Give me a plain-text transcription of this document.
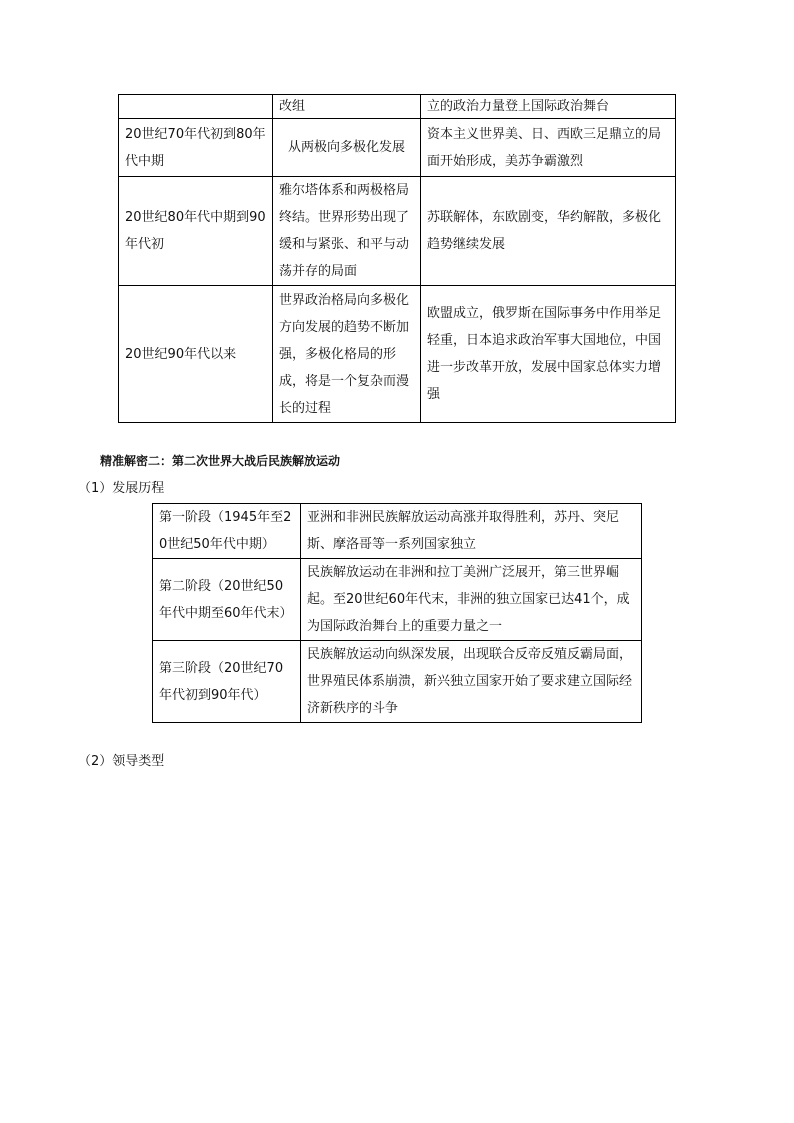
	改组	立的政治力量登上国际政治舞台
20世纪70年代初到80年代中期	从两极向多极化发展	资本主义世界美、日、西欧三足鼎立的局面开始形成，美苏争霸激烈
20世纪80年代中期到90年代初	雅尔塔体系和两极格局终结。世界形势出现了缓和与紧张、和平与动荡并存的局面	苏联解体，东欧剧变，华约解散，多极化趋势继续发展
20世纪90年代以来	世界政治格局向多极化方向发展的趋势不断加强，多极化格局的形成，将是一个复杂而漫长的过程	欧盟成立，俄罗斯在国际事务中作用举足轻重，日本追求政治军事大国地位，中国进一步改革开放，发展中国家总体实力增强
精准解密二：第二次世界大战后民族解放运动
（1）发展历程
第一阶段（1945年至20世纪50年代中期）	亚洲和非洲民族解放运动高涨并取得胜利，苏丹、突尼斯、摩洛哥等一系列国家独立
第二阶段（20世纪50年代中期至60年代末）	民族解放运动在非洲和拉丁美洲广泛展开，第三世界崛起。至20世纪60年代末，非洲的独立国家已达41个，成为国际政治舞台上的重要力量之一
第三阶段（20世纪70年代初到90年代）	民族解放运动向纵深发展，出现联合反帝反殖反霸局面，世界殖民体系崩溃，新兴独立国家开始了要求建立国际经济新秩序的斗争
（2）领导类型
